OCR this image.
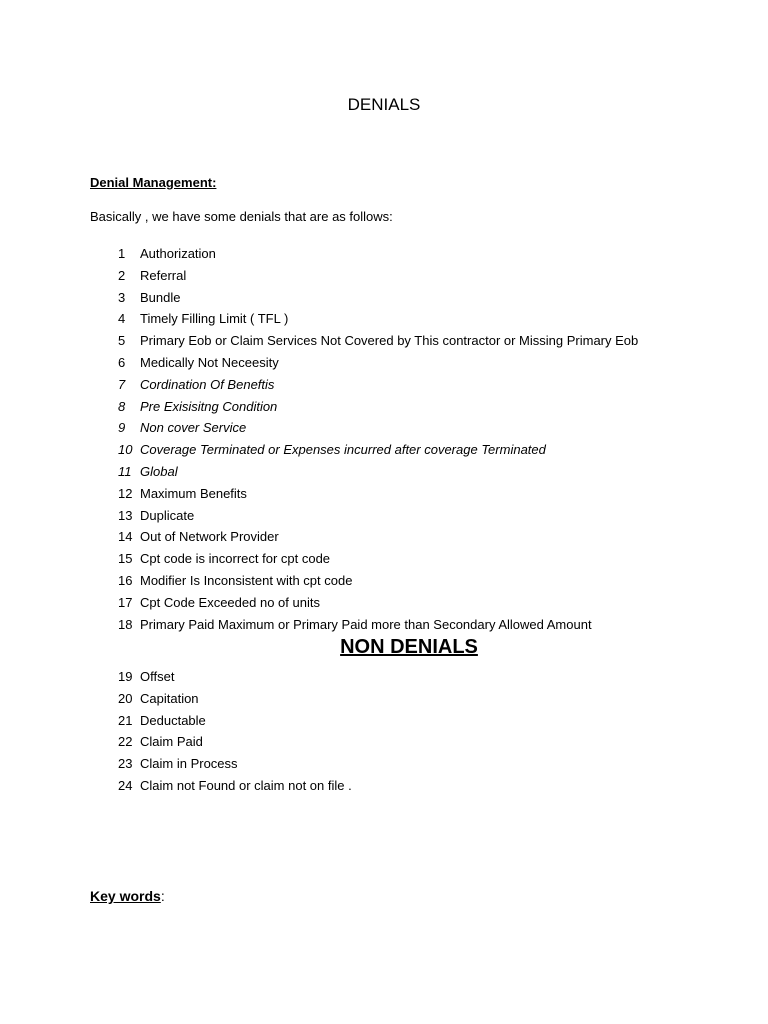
DENIALS
Denial Management:
Basically , we have some denials that are as follows:
1 Authorization
2 Referral
3 Bundle
4 Timely Filling Limit ( TFL )
5 Primary Eob or Claim Services Not Covered by This contractor or Missing Primary Eob
6 Medically Not Neceesity
7 Cordination Of Beneftis
8 Pre Exisisitng Condition
9 Non cover Service
10 Coverage Terminated or Expenses incurred after coverage Terminated
11 Global
12 Maximum Benefits
13 Duplicate
14 Out of Network Provider
15 Cpt code is incorrect for cpt code
16 Modifier Is Inconsistent with cpt code
17 Cpt Code Exceeded no of units
18 Primary Paid Maximum or Primary Paid more than Secondary Allowed Amount
NON DENIALS
19 Offset
20 Capitation
21 Deductable
22 Claim Paid
23 Claim in Process
24 Claim not Found or claim not on file .
Key words:
